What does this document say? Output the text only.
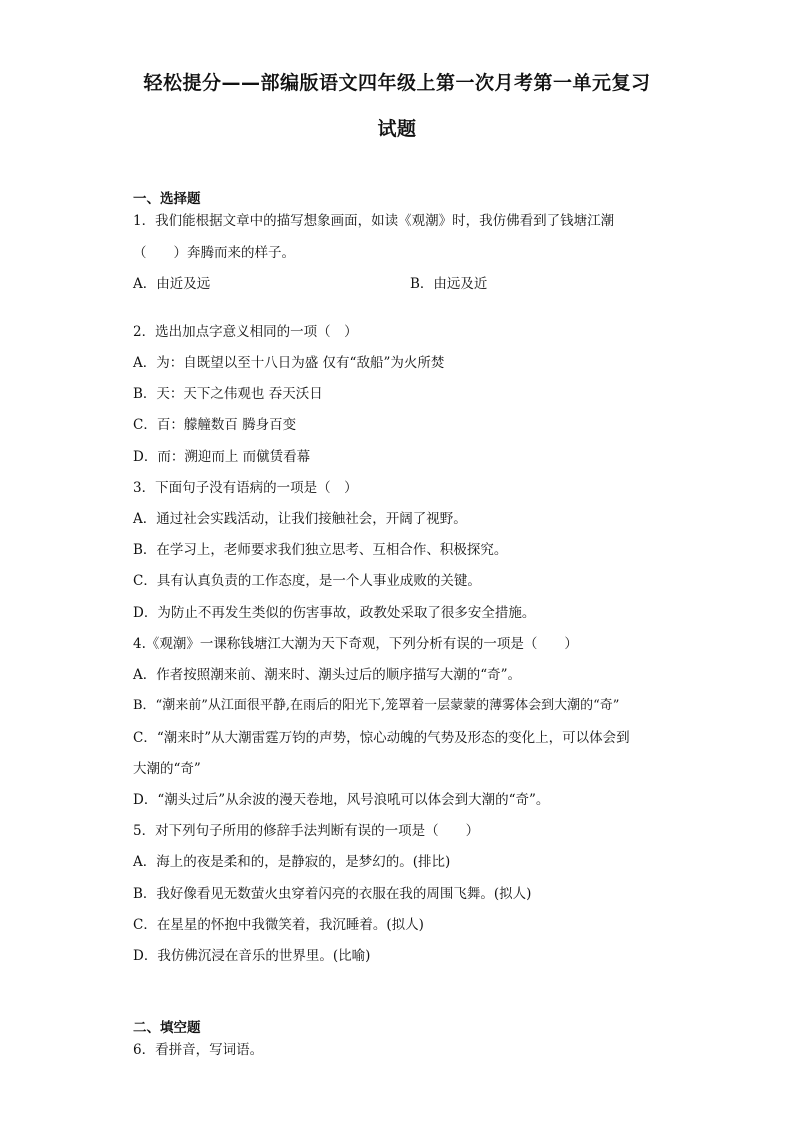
轻松提分——部编版语文四年级上第一次月考第一单元复习
试题
一、选择题
1．我们能根据文章中的描写想象画面，如读《观潮》时，我仿佛看到了钱塘江潮
（　　）奔腾而来的样子。
A．由近及远	B．由远及近
2．选出加点字意义相同的一项（　）
A．为：自既望以至十八日为盛 仅有“敌船”为火所焚
B．天：天下之伟观也 吞天沃日
C．百：艨艟数百 腾身百变
D．而：溯迎而上 而僦赁看幕
3．下面句子没有语病的一项是（　）
A．通过社会实践活动，让我们接触社会，开阔了视野。
B．在学习上，老师要求我们独立思考、互相合作、积极探究。
C．具有认真负责的工作态度，是一个人事业成败的关键。
D．为防止不再发生类似的伤害事故，政教处采取了很多安全措施。
4.《观潮》一课称钱塘江大潮为天下奇观，下列分析有误的一项是（　　）
A．作者按照潮来前、潮来时、潮头过后的顺序描写大潮的“奇”。
B．“潮来前”从江面很平静,在雨后的阳光下,笼罩着一层蒙蒙的薄雾体会到大潮的“奇”
C．“潮来时”从大潮雷霆万钧的声势，惊心动魄的气势及形态的变化上，可以体会到
大潮的“奇”
D．“潮头过后”从余波的漫天卷地，风号浪吼可以体会到大潮的“奇”。
5．对下列句子所用的修辞手法判断有误的一项是（　　）
A．海上的夜是柔和的，是静寂的，是梦幻的。(排比)
B．我好像看见无数萤火虫穿着闪亮的衣服在我的周围飞舞。(拟人)
C．在星星的怀抱中我微笑着，我沉睡着。(拟人)
D．我仿佛沉浸在音乐的世界里。(比喻)
二、填空题
6．看拼音，写词语。
